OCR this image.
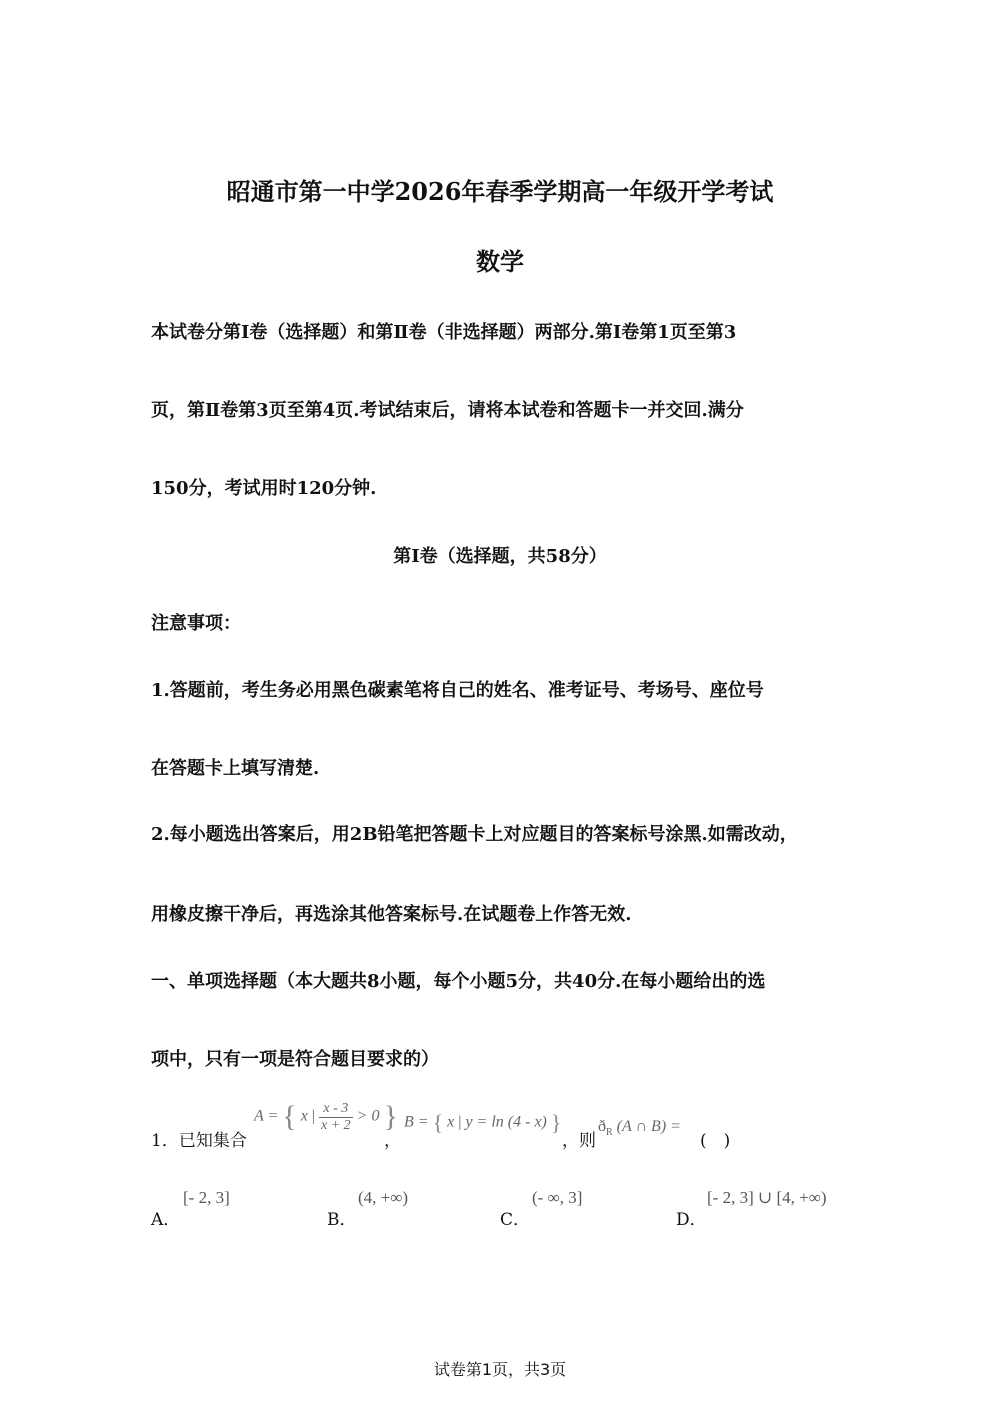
昭通市第一中学2026年春季学期高一年级开学考试
数学
本试卷分第Ⅰ卷（选择题）和第Ⅱ卷（非选择题）两部分.第Ⅰ卷第1页至第3
页，第Ⅱ卷第3页至第4页.考试结束后，请将本试卷和答题卡一并交回.满分
150分，考试用时120分钟.
第Ⅰ卷（选择题，共58分）
注意事项：
1.答题前，考生务必用黑色碳素笔将自己的姓名、准考证号、考场号、座位号
在答题卡上填写清楚.
2.每小题选出答案后，用2B铅笔把答题卡上对应题目的答案标号涂黑.如需改动，
用橡皮擦干净后，再选涂其他答案标号.在试题卷上作答无效.
一、单项选择题（本大题共8小题，每个小题5分，共40分.在每小题给出的选
项中，只有一项是符合题目要求的）
1．已知集合
A = { x | $\frac{x - 3}{x + 2} > 0$ }
，
B = { x | y = ln (4 - x) }
，则
$ð_R$ (A ∩ B) =
(　)
A．
[- 2, 3]
B．
(4, +∞)
C．
(- ∞, 3]
D．
[- 2, 3] ∪ [4, +∞)
试卷第1页，共3页
